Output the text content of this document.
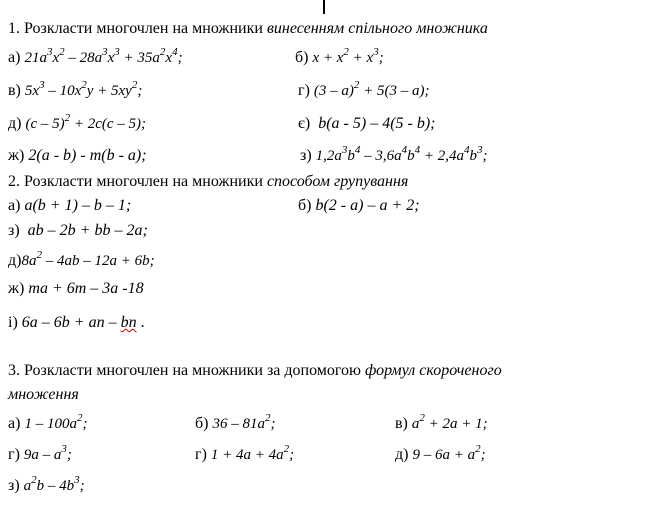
1. Розкласти многочлен на множники винесенням спільного множника
а) $21a^3x^2 - 28a^3x^3 + 35a^2x^4$;	б) $x + x^2 + x^3$;
в) $5x^3 - 10x^2y + 5xy^2$;	г) (3 – a)$^2$ + 5(3 – a);
д) (c – 5)$^2$ + 2c(c – 5);	є) b(a - 5) – 4(5 - b);
ж) 2(a - b) - m(b - a);	з) $1,2a^3b^4 - 3,6a^4b^4 + 2,4a^4b^3$;
2. Розкласти многочлен на множники способом групування
а) a(b + 1) – b – 1;	б) b(2 - a) – a + 2;
з) ab – 2b + bb – 2a;
$д)8a^2 - 4ab - 12a + 6b$;
ж) ma + 6m – 3a -18
і) 6a – 6b + an – bn .
3. Розкласти многочлен на множники за допомогою формул скороченого
множення
а) $1 - 100a^2$;	б) $36 - 81a^2$;	в) $a^2 + 2a + 1$;
г) $9a - a^3$;	г) $1 + 4a + 4a^2$;	д) $9 - 6a + a^2$;
з) $a^2b - 4b^3$;
